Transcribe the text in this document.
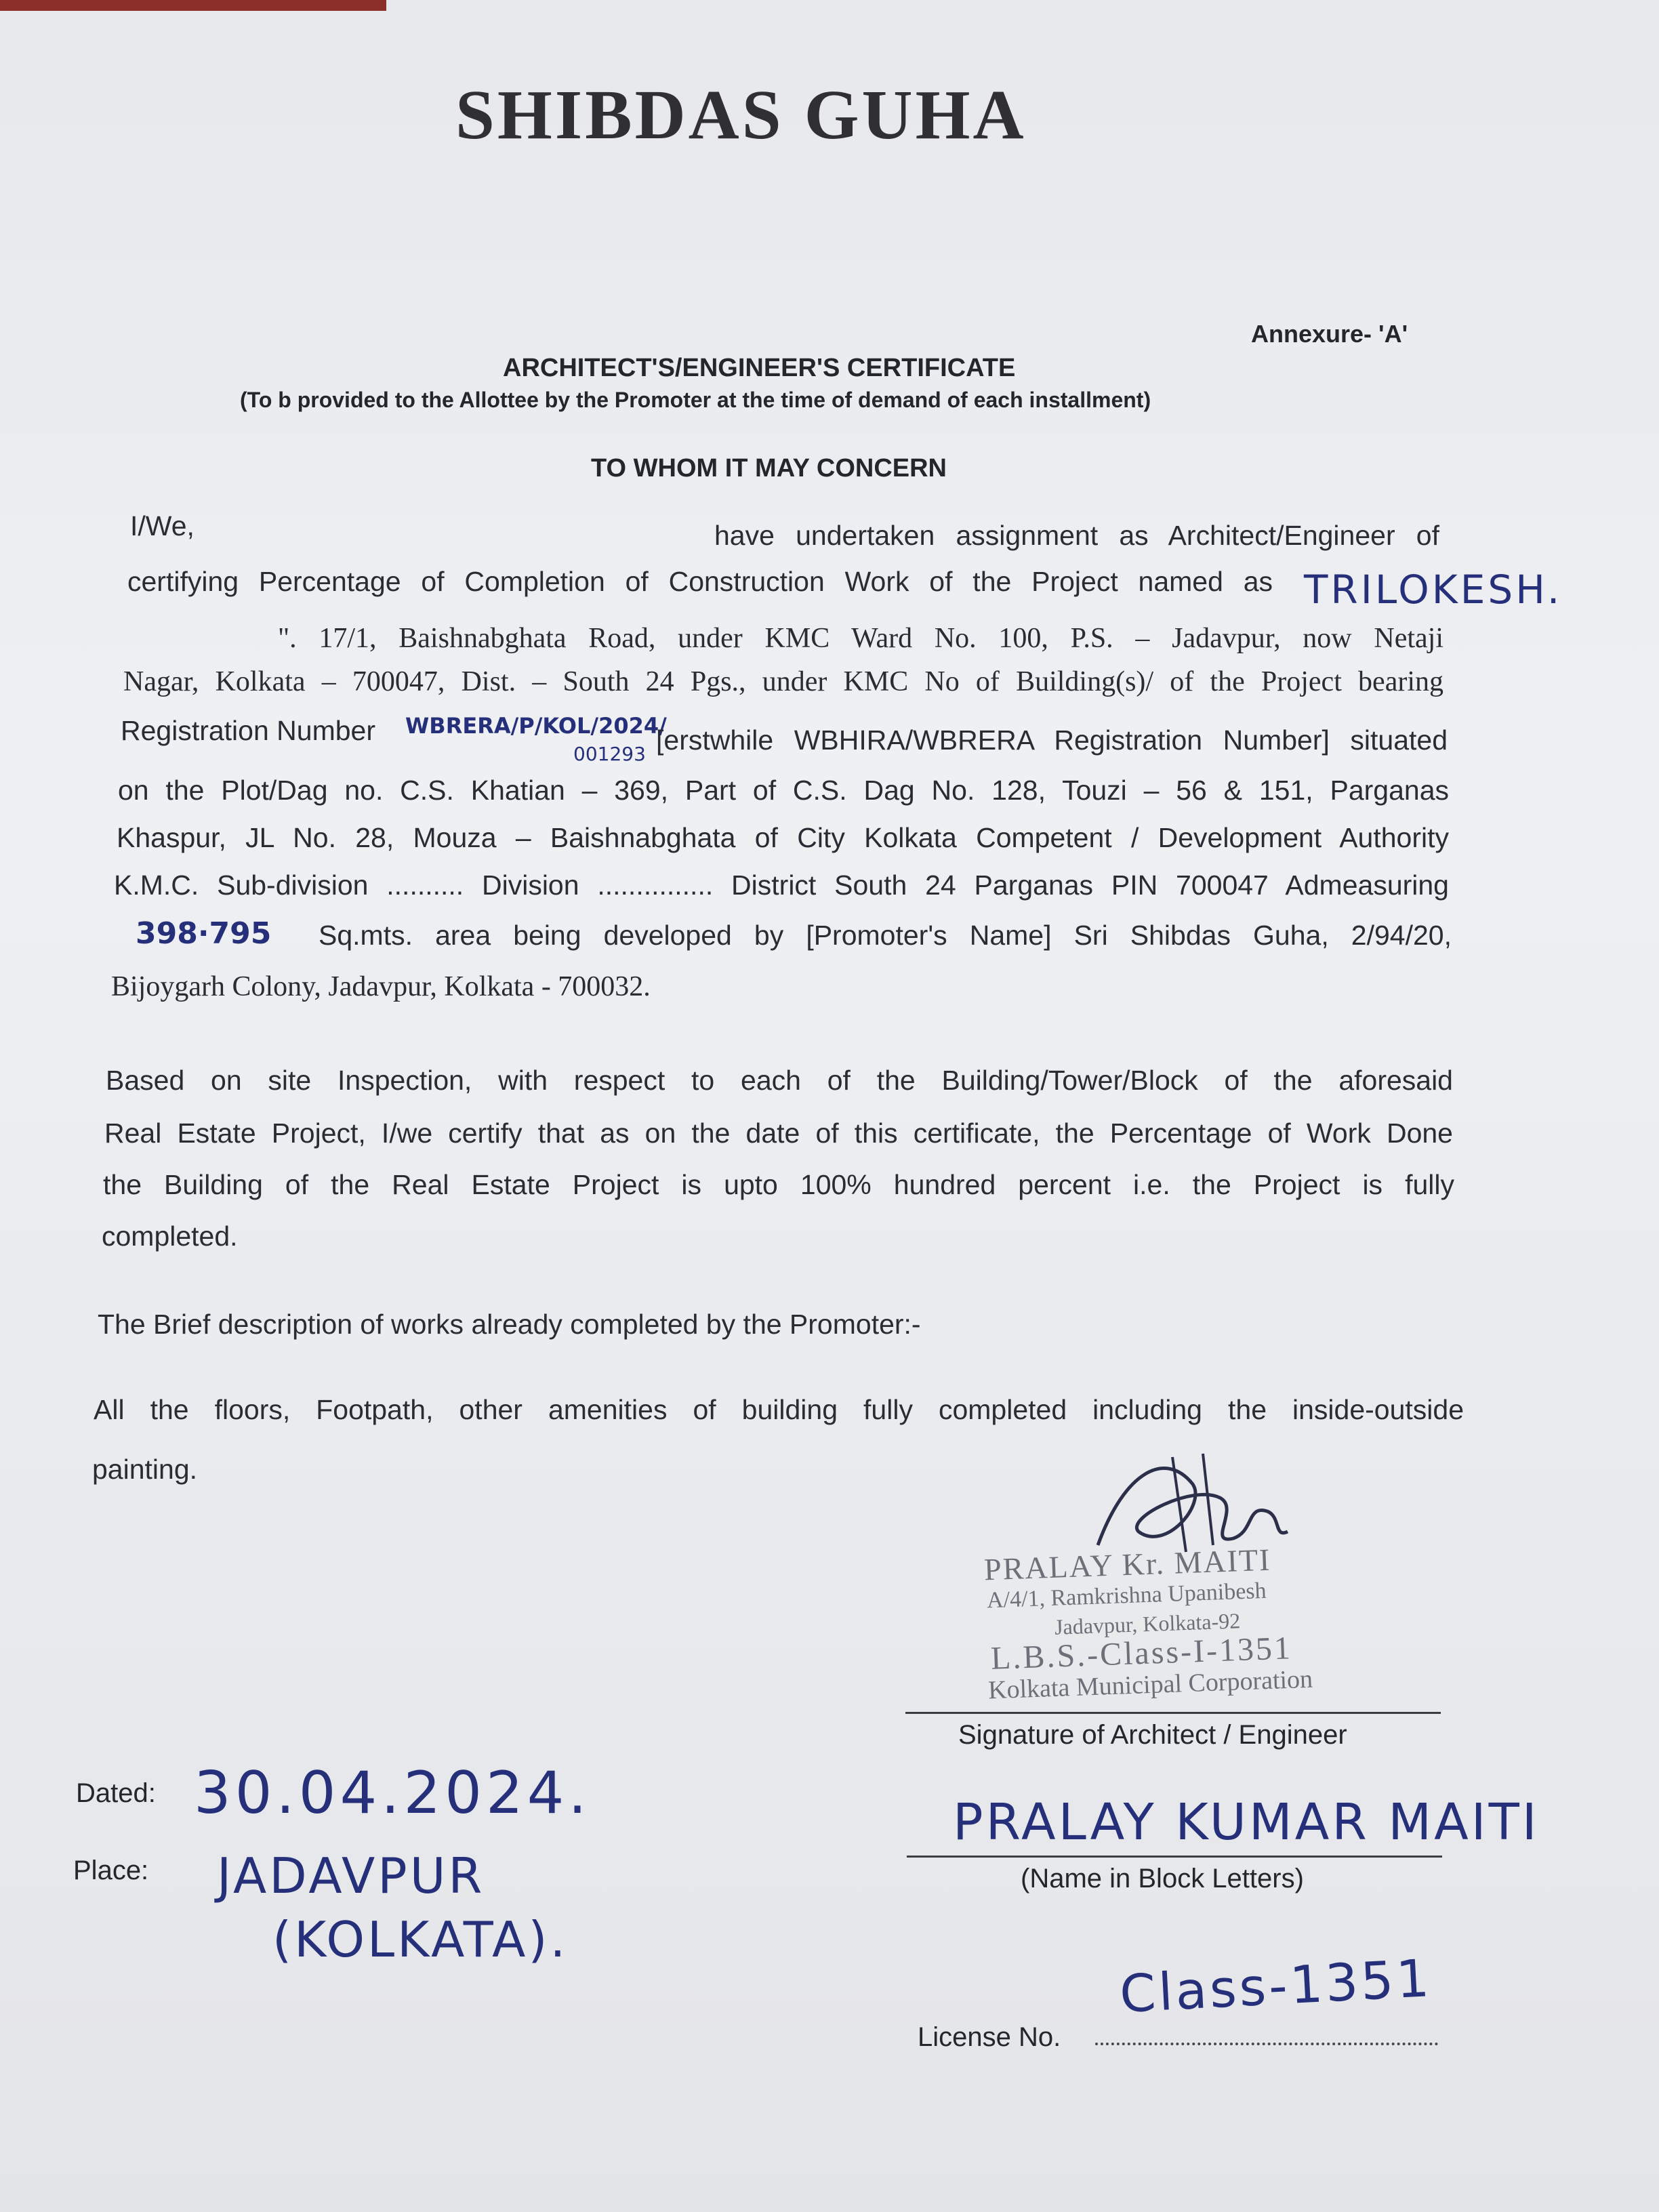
SHIBDAS GUHA
Annexure- 'A'
ARCHITECT'S/ENGINEER'S CERTIFICATE
(To b provided to the Allottee by the Promoter at the time of demand of each installment)
TO WHOM IT MAY CONCERN
I/We,	have undertaken assignment as Architect/Engineer of
certifying Percentage of Completion of Construction Work of the Project named as TRILOKESH.
". 17/1, Baishnabghata Road, under KMC Ward No. 100, P.S. – Jadavpur, now Netaji
Nagar, Kolkata – 700047, Dist. – South 24 Pgs., under KMC No of Building(s)/ of the Project bearing
Registration Number WBRERA/P/KOL/2024/
001293 [erstwhile WBHIRA/WBRERA Registration Number] situated
on the Plot/Dag no. C.S. Khatian – 369, Part of C.S. Dag No. 128, Touzi – 56 & 151, Parganas
Khaspur, JL No. 28, Mouza – Baishnabghata of City Kolkata Competent / Development Authority
K.M.C. Sub-division .......... Division ............... District South 24 Parganas PIN 700047 Admeasuring
398·795 Sq.mts. area being developed by [Promoter's Name] Sri Shibdas Guha, 2/94/20,
Bijoygarh Colony, Jadavpur, Kolkata - 700032.
Based on site Inspection, with respect to each of the Building/Tower/Block of the aforesaid
Real Estate Project, I/we certify that as on the date of this certificate, the Percentage of Work Done
the Building of the Real Estate Project is upto 100% hundred percent i.e. the Project is fully
completed.
The Brief description of works already completed by the Promoter:-
All the floors, Footpath, other amenities of building fully completed including the inside-outside
painting.
PRALAY Kr. MAITI
A/4/1, Ramkrishna Upanibesh
Jadavpur, Kolkata-92
L.B.S.-Class-I-1351
Kolkata Municipal Corporation
Signature of Architect / Engineer
Dated: 30.04.2024.
Place: JADAVPUR
(KOLKATA).
PRALAY KUMAR MAITI
(Name in Block Letters)
Class-1351
License No.
